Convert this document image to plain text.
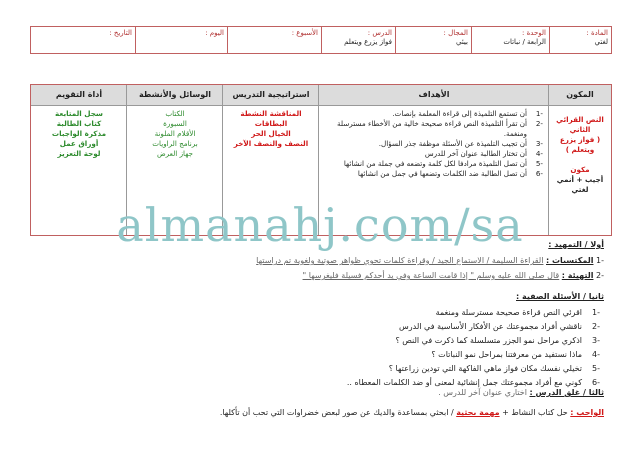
المادة :
لغتي
الوحدة :
الرابعة / نباتات
المجال :
بيئي
الدرس :
فواز يزرع ويتعلم
الأسبوع :
اليوم :
التاريخ :
المكون
الأهداف
استراتيجية التدريس
الوسائل والأنشطة
أداة التقويم
النص القرائي الثاني
( فواز يزرع ويتعلم )
مكون
أجيب + أنمي لغتي
-1
أن تستمع التلميذة إلى قراءة المعلمة بإنصات.
-2
أن تقرأ التلميذة النص قراءة صحيحة خالية من الأخطاء مسترسلة ومنغمة.
-3
أن تجيب التلميذة عن الأسئلة موظفة جذر السؤال.
-4
أن تختار الطالبة عنوان آخر للدرس
-5
أن تصل التلميذة مرادفا لكل كلمة وتضعه في جملة من انشائها
-6
أن تصل الطالبة ضد الكلمات وتضعها في جمل من انشائها
المناقشة النشطة
البطاقات
الخيال الحر
النصف والنصف الآخر
الكتاب
السبورة
الأقلام الملونة
برنامج الراويات
جهاز العرض
سجل المتابعة
كتاب الطالبة
مذكرة الواجبات
أوراق عمل
لوحة التعزيز
almanahj.com/sa	أولا / التمهيد :
-1 المكتسبات : القراءة السليمة / الاستماع الجيد / وقراءة كلمات تحوي ظواهر صوتية ولغوية تم دراستها
-2 التهيئة : قال صلى الله عليه وسلم " إذا قامت الساعة وفي يد أحدكم فسيلة فليغرسها "
ثانيا / الأسئلة الصفية :
-1
اقرئي النص قراءة صحيحة مسترسلة ومنغمة
-2
ناقشي أفراد مجموعتك عن الأفكار الأساسية في الدرس
-3
اذكري مراحل نمو الجزر متسلسلة كما ذكرت في النص ؟
-4
ماذا نستفيد من معرفتنا بمراحل نمو النباتات ؟
-5
تخيلي نفسك مكان فواز ماهي الفاكهة التي تودين زراعتها ؟
-6
كوني مع أفراد مجموعتك جمل إنشائية لمعنى أو ضد الكلمات المعطاه ..
ثالثا / غلق الدرس : اختاري عنوان آخر للدرس .
الواجب : حل كتاب النشاط + مهمة بحثية / ابحثي بمساعدة والديك عن صور لبعض خضراوات التي تحب أن تأكلها.
